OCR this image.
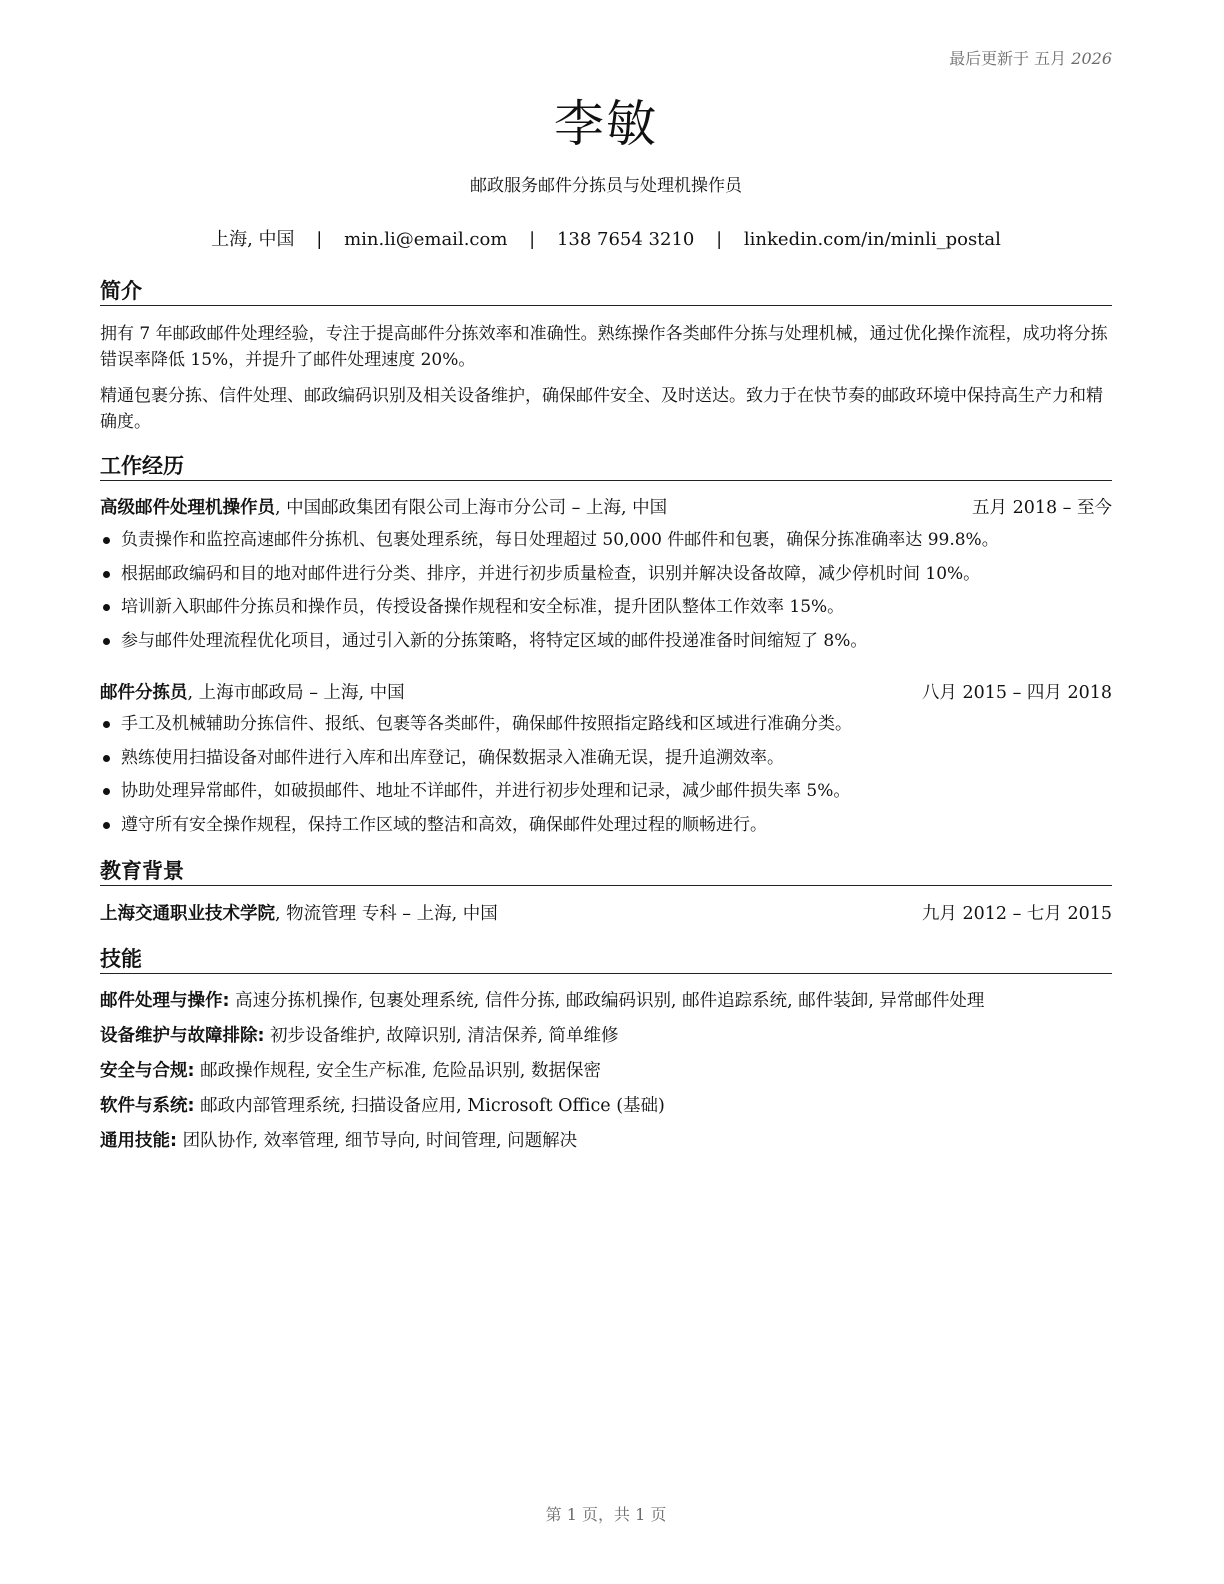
最后更新于 五月 2026
李敏
邮政服务邮件分拣员与处理机操作员
上海, 中国 | min.li@email.com | 138 7654 3210 | linkedin.com/in/minli_postal
简介
拥有 7 年邮政邮件处理经验，专注于提高邮件分拣效率和准确性。熟练操作各类邮件分拣与处理机械，通过优化操作流程，成功将分拣错误率降低 15%，并提升了邮件处理速度 20%。
精通包裹分拣、信件处理、邮政编码识别及相关设备维护，确保邮件安全、及时送达。致力于在快节奏的邮政环境中保持高生产力和精确度。
工作经历
高级邮件处理机操作员, 中国邮政集团有限公司上海市分公司 – 上海, 中国	五月 2018 – 至今
负责操作和监控高速邮件分拣机、包裹处理系统，每日处理超过 50,000 件邮件和包裹，确保分拣准确率达 99.8%。
根据邮政编码和目的地对邮件进行分类、排序，并进行初步质量检查，识别并解决设备故障，减少停机时间 10%。
培训新入职邮件分拣员和操作员，传授设备操作规程和安全标准，提升团队整体工作效率 15%。
参与邮件处理流程优化项目，通过引入新的分拣策略，将特定区域的邮件投递准备时间缩短了 8%。
邮件分拣员, 上海市邮政局 – 上海, 中国	八月 2015 – 四月 2018
手工及机械辅助分拣信件、报纸、包裹等各类邮件，确保邮件按照指定路线和区域进行准确分类。
熟练使用扫描设备对邮件进行入库和出库登记，确保数据录入准确无误，提升追溯效率。
协助处理异常邮件，如破损邮件、地址不详邮件，并进行初步处理和记录，减少邮件损失率 5%。
遵守所有安全操作规程，保持工作区域的整洁和高效，确保邮件处理过程的顺畅进行。
教育背景
上海交通职业技术学院, 物流管理 专科 – 上海, 中国	九月 2012 – 七月 2015
技能
邮件处理与操作: 高速分拣机操作, 包裹处理系统, 信件分拣, 邮政编码识别, 邮件追踪系统, 邮件装卸, 异常邮件处理
设备维护与故障排除: 初步设备维护, 故障识别, 清洁保养, 简单维修
安全与合规: 邮政操作规程, 安全生产标准, 危险品识别, 数据保密
软件与系统: 邮政内部管理系统, 扫描设备应用, Microsoft Office (基础)
通用技能: 团队协作, 效率管理, 细节导向, 时间管理, 问题解决
第 1 页，共 1 页
